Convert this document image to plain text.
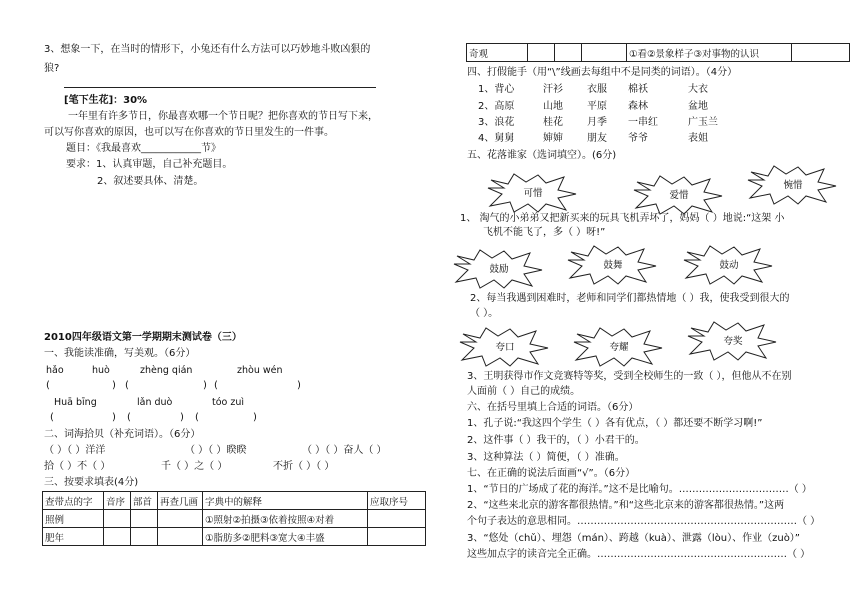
3、想象一下，在当时的情形下，小兔还有什么方法可以巧妙地斗败凶狠的
狼?
[笔下生花]：30%
一年里有许多节日，你最喜欢哪一个节日呢？把你喜欢的节日写下来，
可以写你喜欢的原因，也可以写在你喜欢的节日里发生的一件事。
题目：《我最喜欢____________节》
要求：1、认真审题，自己补充题目。
2、叙述要具体、清楚。
2010四年级语文第一学期期末测试卷（三）
一、我能读准确，写美观。（6分）
hǎo	huò	zhèng qián	zhòu wén
(	) (	) (	)
Huā bīng	lǎn duò	tóo zuì
(	) (	) (	)
二、词海拾贝（补充词语）。（6分）
（ ）（ ）洋洋	（ ）（ ）睽睽	（ ）（ ）奋人（ ）
拾（ ）不（ ）	千（ ）之（ ）	不折（ ）（ ）
三、按要求填表(4分)
查带点的字	音序	部首	再查几画	字典中的解释	应取序号
照例				①照射②拍摄③依着按照④对着	
肥年				①脂肪多②肥料③宽大④丰盛	
奇观				①看②景象样子③对事物的认识	
四、打假能手（用“\”线画去每组中不是同类的词语）。（4分）
1、背心	汗衫 衣服 棉袄	大衣
2、高原	山地 平原 森林	盆地
3、浪花	桂花 月季 一串红	广玉兰
4、舅舅	婶婶 朋友 爷爷	表姐
五、花落谁家（选词填空）。(6分)
可惜	爱惜
惋惜
1、 淘气的小弟弟又把新买来的玩具飞机弄坏了，妈妈（ ）地说:“这架 小
飞机不能飞了，多（ ）呀!”
鼓励	鼓舞	鼓动
2、每当我遇到困难时，老师和同学们都热情地（ ）我，使我受到很大的
（ ）。
夸口	夸耀
夸奖
3、王明获得市作文竞赛特等奖，受到全校师生的一致（ ），但他从不在别
人面前（ ）自己的成绩。
六、在括号里填上合适的词语。（6分）
1、孔子说:“我这四个学生（ ）各有优点，（ ）都还要不断学习啊!”
2、这件事（ ）我干的，（ ）小君干的。
3、这种算法（ ）简便，（ ）准确。
七、在正确的说法后面画“√”。（6分）
1、“节日的广场成了花的海洋。”这不是比喻句。……………………………（ ）
2、“这些来北京的游客都很热情。”和“这些北京来的游客都很热情。”这两
个句子表达的意思相同。…………………………………………………………（ ）
3、“悠处（chǔ）、埋怨（mán）、跨越（kuà）、泄露（lòu）、作业（zuò）”
这些加点字的读音完全正确。…………………………………………………（ ）
